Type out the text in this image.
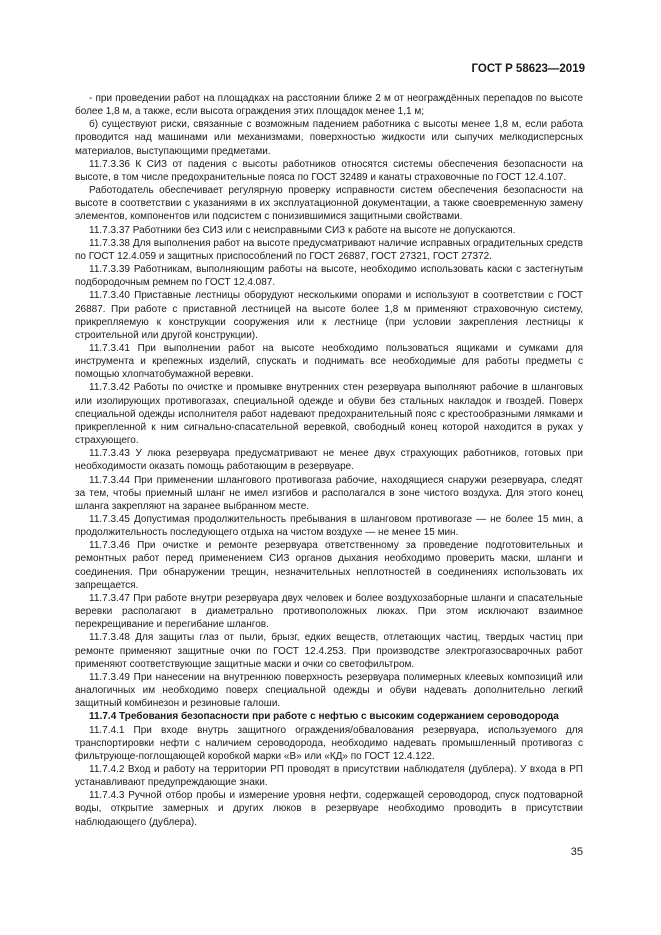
ГОСТ Р 58623—2019

- при проведении работ на площадках на расстоянии ближе 2 м от неограждённых перепадов по высоте более 1,8 м, а также, если высота ограждения этих площадок менее 1,1 м;

б) существуют риски, связанные с возможным падением работника с высоты менее 1,8 м, если работа проводится над машинами или механизмами, поверхностью жидкости или сыпучих мелкодисперсных материалов, выступающими предметами.

11.7.3.36 К СИЗ от падения с высоты работников относятся системы обеспечения безопасности на высоте, в том числе предохранительные пояса по ГОСТ 32489 и канаты страховочные по ГОСТ 12.4.107.

Работодатель обеспечивает регулярную проверку исправности систем обеспечения безопасности на высоте в соответствии с указаниями в их эксплуатационной документации, а также своевременную замену элементов, компонентов или подсистем с понизившимися защитными свойствами.

11.7.3.37 Работники без СИЗ или с неисправными СИЗ к работе на высоте не допускаются.

11.7.3.38 Для выполнения работ на высоте предусматривают наличие исправных оградительных средств по ГОСТ 12.4.059 и защитных приспособлений по ГОСТ 26887, ГОСТ 27321, ГОСТ 27372.

11.7.3.39 Работникам, выполняющим работы на высоте, необходимо использовать каски с застегнутым подбородочным ремнем по ГОСТ 12.4.087.

11.7.3.40 Приставные лестницы оборудуют несколькими опорами и используют в соответствии с ГОСТ 26887. При работе с приставной лестницей на высоте более 1,8 м применяют страховочную систему, прикрепляемую к конструкции сооружения или к лестнице (при условии закрепления лестницы к строительной или другой конструкции).

11.7.3.41 При выполнении работ на высоте необходимо пользоваться ящиками и сумками для инструмента и крепежных изделий, спускать и поднимать все необходимые для работы предметы с помощью хлопчатобумажной веревки.

11.7.3.42 Работы по очистке и промывке внутренних стен резервуара выполняют рабочие в шланговых или изолирующих противогазах, специальной одежде и обуви без стальных накладок и гвоздей. Поверх специальной одежды исполнителя работ надевают предохранительный пояс с крестообразными лямками и прикрепленной к ним сигнально-спасательной веревкой, свободный конец которой находится в руках у страхующего.

11.7.3.43 У люка резервуара предусматривают не менее двух страхующих работников, готовых при необходимости оказать помощь работающим в резервуаре.

11.7.3.44 При применении шлангового противогаза рабочие, находящиеся снаружи резервуара, следят за тем, чтобы приемный шланг не имел изгибов и располагался в зоне чистого воздуха. Для этого конец шланга закрепляют на заранее выбранном месте.

11.7.3.45 Допустимая продолжительность пребывания в шланговом противогазе — не более 15 мин, а продолжительность последующего отдыха на чистом воздухе — не менее 15 мин.

11.7.3.46 При очистке и ремонте резервуара ответственному за проведение подготовительных и ремонтных работ перед применением СИЗ органов дыхания необходимо проверить маски, шланги и соединения. При обнаружении трещин, незначительных неплотностей в соединениях использовать их запрещается.

11.7.3.47 При работе внутри резервуара двух человек и более воздухозаборные шланги и спасательные веревки располагают в диаметрально противоположных люках. При этом исключают взаимное перекрещивание и перегибание шлангов.

11.7.3.48 Для защиты глаз от пыли, брызг, едких веществ, отлетающих частиц, твердых частиц при ремонте применяют защитные очки по ГОСТ 12.4.253. При производстве электрогазосварочных работ применяют соответствующие защитные маски и очки со светофильтром.

11.7.3.49 При нанесении на внутреннюю поверхность резервуара полимерных клеевых композиций или аналогичных им необходимо поверх специальной одежды и обуви надевать дополнительно легкий защитный комбинезон и резиновые галоши.

11.7.4 Требования безопасности при работе с нефтью с высоким содержанием сероводорода

11.7.4.1 При входе внутрь защитного ограждения/обвалования резервуара, используемого для транспортировки нефти с наличием сероводорода, необходимо надевать промышленный противогаз с фильтрующе-поглощающей коробкой марки «В» или «КД» по ГОСТ 12.4.122.

11.7.4.2 Вход и работу на территории РП проводят в присутствии наблюдателя (дублера). У входа в РП устанавливают предупреждающие знаки.

11.7.4.3 Ручной отбор пробы и измерение уровня нефти, содержащей сероводород, спуск подтоварной воды, открытие замерных и других люков в резервуаре необходимо проводить в присутствии наблюдающего (дублера).

35
